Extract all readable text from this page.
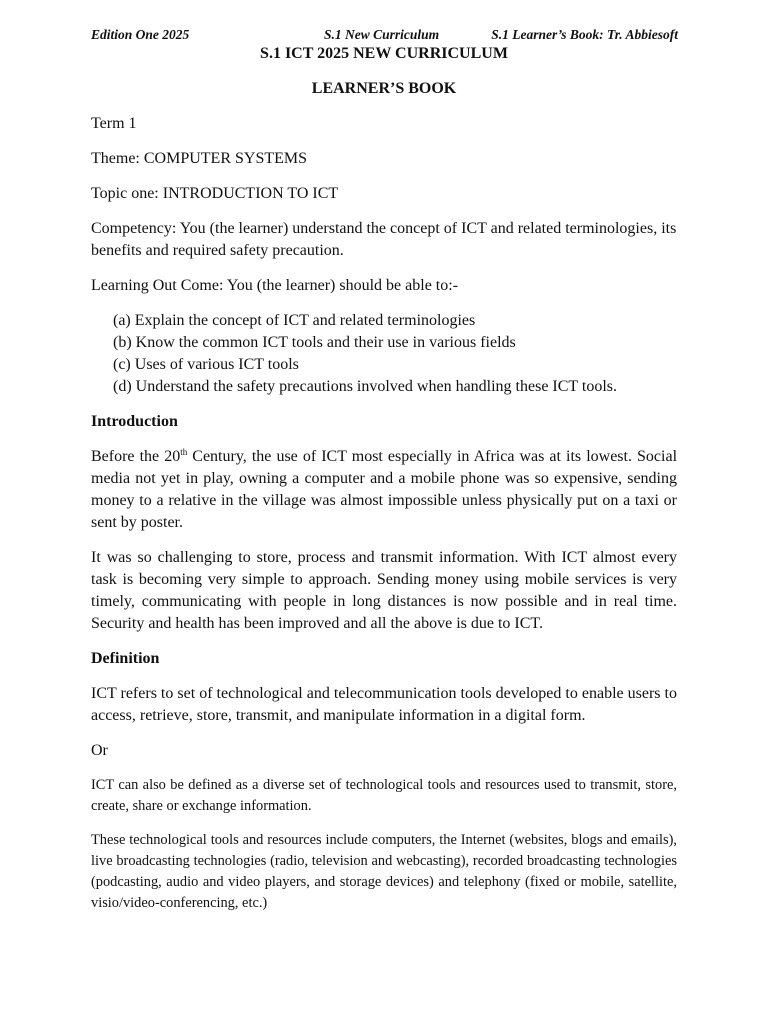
Edition One 2025	S.1 New Curriculum	S.1 Learner’s Book: Tr. Abbiesoft

S.1 ICT 2025 NEW CURRICULUM

LEARNER’S BOOK

Term 1

Theme: COMPUTER SYSTEMS

Topic one: INTRODUCTION TO ICT

Competency: You (the learner) understand the concept of ICT and related terminologies, its benefits and required safety precaution.

Learning Out Come: You (the learner) should be able to:-

(a) Explain the concept of ICT and related terminologies
(b) Know the common ICT tools and their use in various fields
(c) Uses of various ICT tools
(d) Understand the safety precautions involved when handling these ICT tools.

Introduction

Before the 20th Century, the use of ICT most especially in Africa was at its lowest. Social media not yet in play, owning a computer and a mobile phone was so expensive, sending money to a relative in the village was almost impossible unless physically put on a taxi or sent by poster.

It was so challenging to store, process and transmit information. With ICT almost every task is becoming very simple to approach. Sending money using mobile services is very timely, communicating with people in long distances is now possible and in real time. Security and health has been improved and all the above is due to ICT.

Definition

ICT refers to set of technological and telecommunication tools developed to enable users to access, retrieve, store, transmit, and manipulate information in a digital form.

Or

ICT can also be defined as a diverse set of technological tools and resources used to transmit, store, create, share or exchange information.

These technological tools and resources include computers, the Internet (websites, blogs and emails), live broadcasting technologies (radio, television and webcasting), recorded broadcasting technologies (podcasting, audio and video players, and storage devices) and telephony (fixed or mobile, satellite, visio/video-conferencing, etc.)
